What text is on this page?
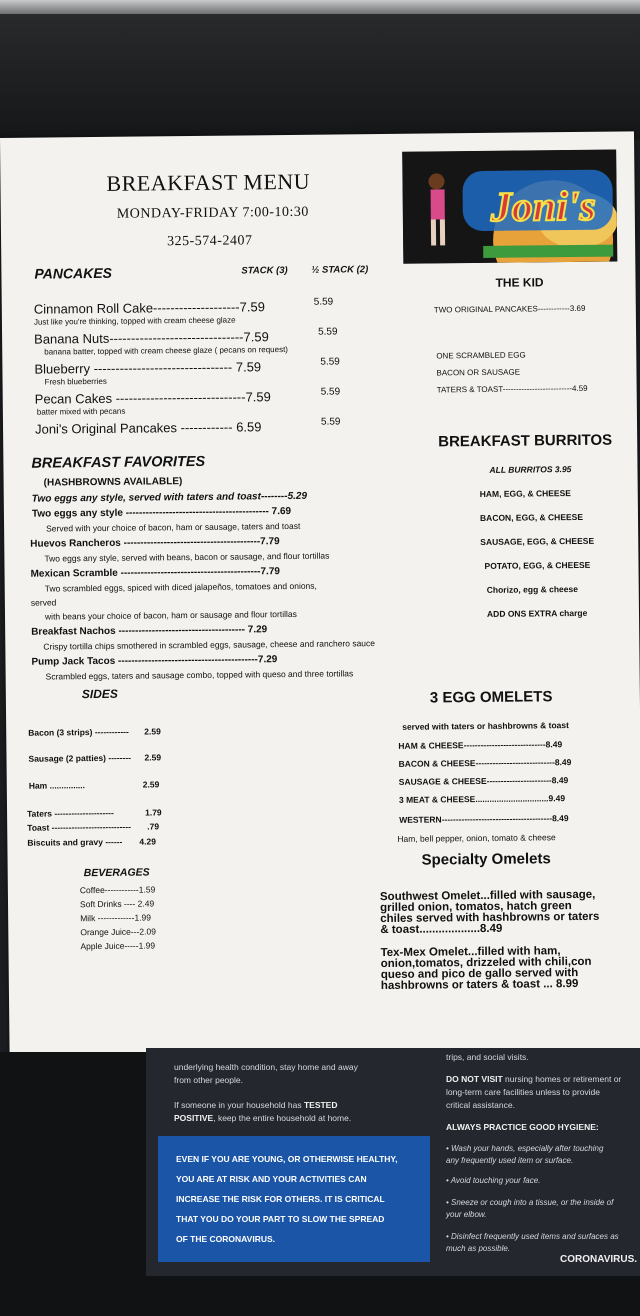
BREAKFAST MENU
MONDAY-FRIDAY 7:00-10:30
325-574-2407
Joni's
PANCAKES	STACK (3) ½ STACK (2)
Cinnamon Roll Cake--------------------7.59	5.59
Just like you're thinking, topped with cream cheese glaze
Banana Nuts-------------------------------7.59	5.59
banana batter, topped with cream cheese glaze ( pecans on request)
Blueberry -------------------------------- 7.59	5.59
Fresh blueberries
Pecan Cakes ------------------------------7.59	5.59
batter mixed with pecans
Joni's Original Pancakes ------------ 6.59	5.59
BREAKFAST FAVORITES
(HASHBROWNS AVAILABLE)
Two eggs any style, served with taters and toast--------5.29
Two eggs any style ------------------------------------------- 7.69
Served with your choice of bacon, ham or sausage, taters and toast
Huevos Rancheros -----------------------------------------7.79
Two eggs any style, served with beans, bacon or sausage, and flour tortillas
Mexican Scramble ------------------------------------------7.79
Two scrambled eggs, spiced with diced jalapeños, tomatoes and onions,
served
with beans your choice of bacon, ham or sausage and flour tortillas
Breakfast Nachos -------------------------------------- 7.29
Crispy tortilla chips smothered in scrambled eggs, sausage, cheese and ranchero sauce
Pump Jack Tacos ------------------------------------------7.29
Scrambled eggs, taters and sausage combo, topped with queso and three tortillas
SIDES
Bacon (3 strips) ------------ 2.59
Sausage (2 patties) -------- 2.59
Ham ...............	2.59
Taters ---------------------	1.79
Toast ---------------------------- .79
Biscuits and gravy ------ 4.29
BEVERAGES
Coffee------------1.59
Soft Drinks ---- 2.49
Milk -------------1.99
Orange Juice---2.09
Apple Juice-----1.99
THE KID
TWO ORIGINAL PANCAKES------------3.69
ONE SCRAMBLED EGG
BACON OR SAUSAGE
TATERS & TOAST--------------------------4.59
BREAKFAST BURRITOS
ALL BURRITOS 3.95
HAM, EGG, & CHEESE
BACON, EGG, & CHEESE
SAUSAGE, EGG, & CHEESE
POTATO, EGG, & CHEESE
Chorizo, egg & cheese
ADD ONS EXTRA charge
3 EGG OMELETS
served with taters or hashbrowns & toast
HAM & CHEESE-----------------------------8.49
BACON & CHEESE----------------------------8.49
SAUSAGE & CHEESE-----------------------8.49
3 MEAT & CHEESE...............................9.49
WESTERN---------------------------------------8.49
Ham, bell pepper, onion, tomato & cheese
Specialty Omelets
Southwest Omelet...filled with sausage,
grilled onion, tomatos, hatch green
chiles served with hashbrowns or taters
& toast...................8.49
Tex-Mex Omelet...filled with ham,
onion,tomatos, drizzeled with chili,con
queso and pico de gallo served with
hashbrowns or taters & toast ... 8.99
underlying health condition, stay home and away
from other people.
If someone in your household has TESTED
POSITIVE, keep the entire household at home.
EVEN IF YOU ARE YOUNG, OR OTHERWISE HEALTHY,
YOU ARE AT RISK AND YOUR ACTIVITIES CAN
INCREASE THE RISK FOR OTHERS. IT IS CRITICAL
THAT YOU DO YOUR PART TO SLOW THE SPREAD
OF THE CORONAVIRUS.
trips, and social visits.
DO NOT VISIT nursing homes or retirement or
long-term care facilities unless to provide
critical assistance.
ALWAYS PRACTICE GOOD HYGIENE:
• Wash your hands, especially after touching
any frequently used item or surface.
• Avoid touching your face.
• Sneeze or cough into a tissue, or the inside of
your elbow.
• Disinfect frequently used items and surfaces as
much as possible.
CORONAVIRUS.
